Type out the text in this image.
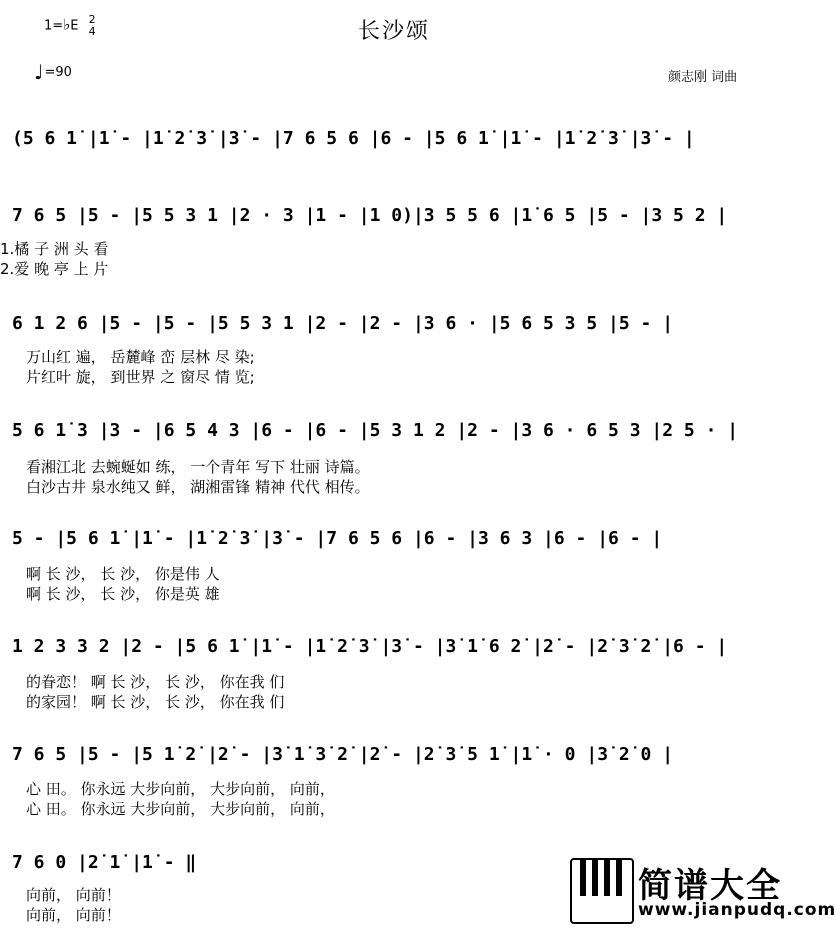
1=♭E 2
4	长沙颂
♩ =90	颜志刚 词曲
(5 6 1̇ |1̇ - |1̇ 2̇ 3̇ |3̇ - |7 6 5 6 |6 - |5 6 1̇ |1̇ - |1̇ 2̇ 3̇ |3̇ - |
7 6 5 |5 - |5 5 3 1 |2 · 3 |1 - |1 0)|3 5 5 6 |1̇ 6 5 |5 - |3 5 2 |
1.橘 子 洲 头 看
2.爱 晚 亭 上 片
6 1 2 6 |5 - |5 - |5 5 3 1 |2 - |2 - |3 6 · |5 6 5 3 5 |5 - |
万山红 遍， 岳麓峰 峦 层林 尽 染;
片红叶 旋， 到世界 之 窗尽 情 览;
5 6 1̇ 3 |3 - |6 5 4 3 |6 - |6 - |5 3 1 2 |2 - |3 6 · 6 5 3 |2 5 · |
看湘江北 去蜿蜒如 练， 一个青年 写下 壮丽 诗篇。
白沙古井 泉水纯又 鲜， 湖湘雷锋 精神 代代 相传。
5 - |5 6 1̇ |1̇ - |1̇ 2̇ 3̇ |3̇ - |7 6 5 6 |6 - |3 6 3 |6 - |6 - |
啊 长 沙， 长 沙， 你是伟 人
啊 长 沙， 长 沙， 你是英 雄
1 2 3 3 2 |2 - |5 6 1̇ |1̇ - |1̇ 2̇ 3̇ |3̇ - |3̇ 1̇ 6 2̇ |2̇ - |2̇ 3̇ 2̇ |6 - |
的眷恋！ 啊 长 沙， 长 沙， 你在我 们
的家园！ 啊 长 沙， 长 沙， 你在我 们
7 6 5 |5 - |5 1̇ 2̇ |2̇ - |3̇ 1̇ 3̇ 2̇ |2̇ - |2̇ 3̇ 5 1̇ |1̇ · 0 |3̇ 2̇ 0 |
心 田。 你永远 大步向前， 大步向前， 向前，
心 田。 你永远 大步向前， 大步向前， 向前，
7 6 0 |2̇ 1̇ |1̇ - ‖
向前， 向前！
向前， 向前！
简谱大全
www.jianpudq.com
